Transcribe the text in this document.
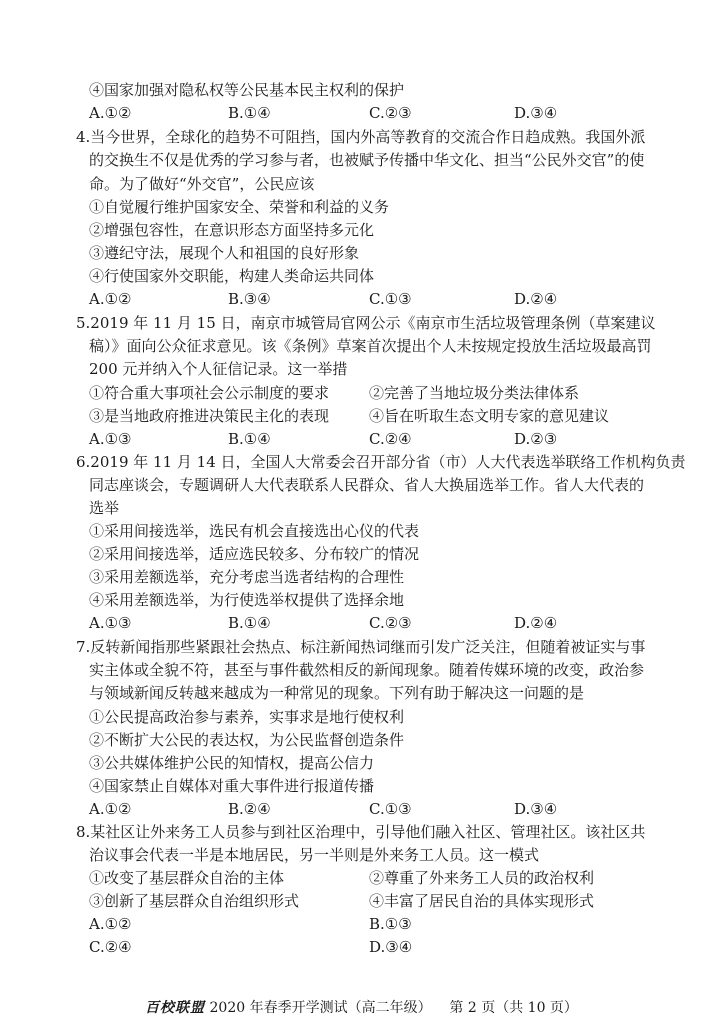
④国家加强对隐私权等公民基本民主权利的保护
A.①②	B.①④	C.②③	D.③④
4.当今世界，全球化的趋势不可阻挡，国内外高等教育的交流合作日趋成熟。我国外派
的交换生不仅是优秀的学习参与者，也被赋予传播中华文化、担当“公民外交官”的使
命。为了做好“外交官”，公民应该
①自觉履行维护国家安全、荣誉和利益的义务
②增强包容性，在意识形态方面坚持多元化
③遵纪守法，展现个人和祖国的良好形象
④行使国家外交职能，构建人类命运共同体
A.①②	B.③④	C.①③	D.②④
5.2019 年 11 月 15 日，南京市城管局官网公示《南京市生活垃圾管理条例（草案建议
稿）》面向公众征求意见。该《条例》草案首次提出个人未按规定投放生活垃圾最高罚
200 元并纳入个人征信记录。这一举措
①符合重大事项社会公示制度的要求	②完善了当地垃圾分类法律体系
③是当地政府推进决策民主化的表现	④旨在听取生态文明专家的意见建议
A.①③	B.①④	C.②④	D.②③
6.2019 年 11 月 14 日，全国人大常委会召开部分省（市）人大代表选举联络工作机构负责
同志座谈会，专题调研人大代表联系人民群众、省人大换届选举工作。省人大代表的
选举
①采用间接选举，选民有机会直接选出心仪的代表
②采用间接选举，适应选民较多、分布较广的情况
③采用差额选举，充分考虑当选者结构的合理性
④采用差额选举，为行使选举权提供了选择余地
A.①③	B.①④	C.②③	D.②④
7.反转新闻指那些紧跟社会热点、标注新闻热词继而引发广泛关注，但随着被证实与事
实主体或全貌不符，甚至与事件截然相反的新闻现象。随着传媒环境的改变，政治参
与领域新闻反转越来越成为一种常见的现象。下列有助于解决这一问题的是
①公民提高政治参与素养，实事求是地行使权利
②不断扩大公民的表达权，为公民监督创造条件
③公共媒体维护公民的知情权，提高公信力
④国家禁止自媒体对重大事件进行报道传播
A.①②	B.②④	C.①③	D.③④
8.某社区让外来务工人员参与到社区治理中，引导他们融入社区、管理社区。该社区共
治议事会代表一半是本地居民，另一半则是外来务工人员。这一模式
①改变了基层群众自治的主体	②尊重了外来务工人员的政治权利
③创新了基层群众自治组织形式	④丰富了居民自治的具体实现形式
A.①②	B.①③
C.②④	D.③④
百校联盟 2020 年春季开学测试（高二年级） 第 2 页（共 10 页）
